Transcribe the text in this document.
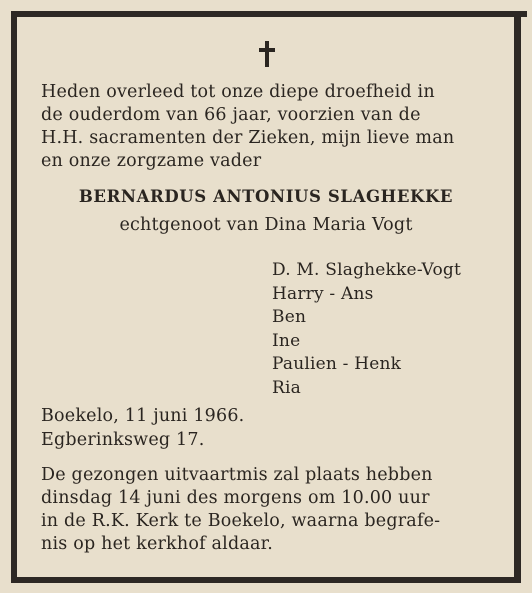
Heden overleed tot onze diepe droefheid in
de ouderdom van 66 jaar, voorzien van de
H.H. sacramenten der Zieken, mijn lieve man
en onze zorgzame vader
BERNARDUS ANTONIUS SLAGHEKKE
echtgenoot van Dina Maria Vogt
D. M. Slaghekke-Vogt
Harry - Ans
Ben
Ine
Paulien - Henk
Ria
Boekelo, 11 juni 1966.
Egberinksweg 17.
De gezongen uitvaartmis zal plaats hebben
dinsdag 14 juni des morgens om 10.00 uur
in de R.K. Kerk te Boekelo, waarna begrafe-
nis op het kerkhof aldaar.
